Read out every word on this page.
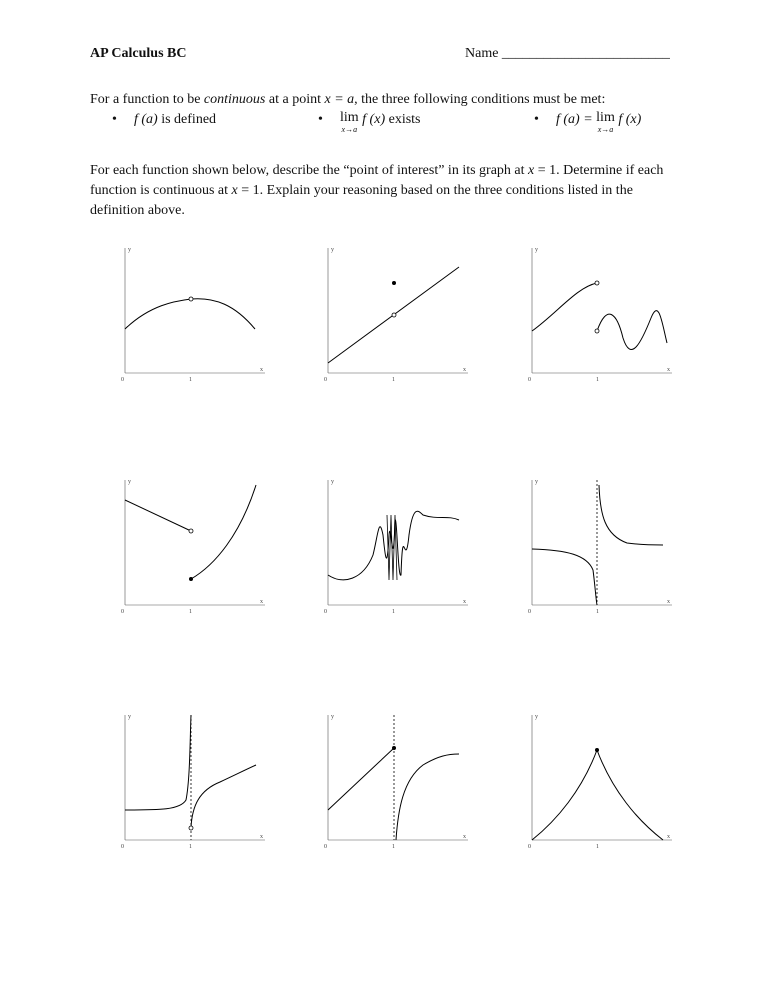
AP Calculus BC	Name ________________________
For a function to be continuous at a point x = a, the three following conditions must be met:
• f (a) is defined	• lim
x→a
f (x) exists	• f (a) = lim
x→a
f (x)
For each function shown below, describe the “point of interest” in its graph at x = 1. Determine if each function is continuous at x = 1. Explain your reasoning based on the three conditions listed in the definition above.
y
x
0	1
y
x
0	1
y
x
0	1
y
x
0	1
y
x
0	1
y
x
0	1
y
x
0	1
y
x
0	1
y
x
0	1
